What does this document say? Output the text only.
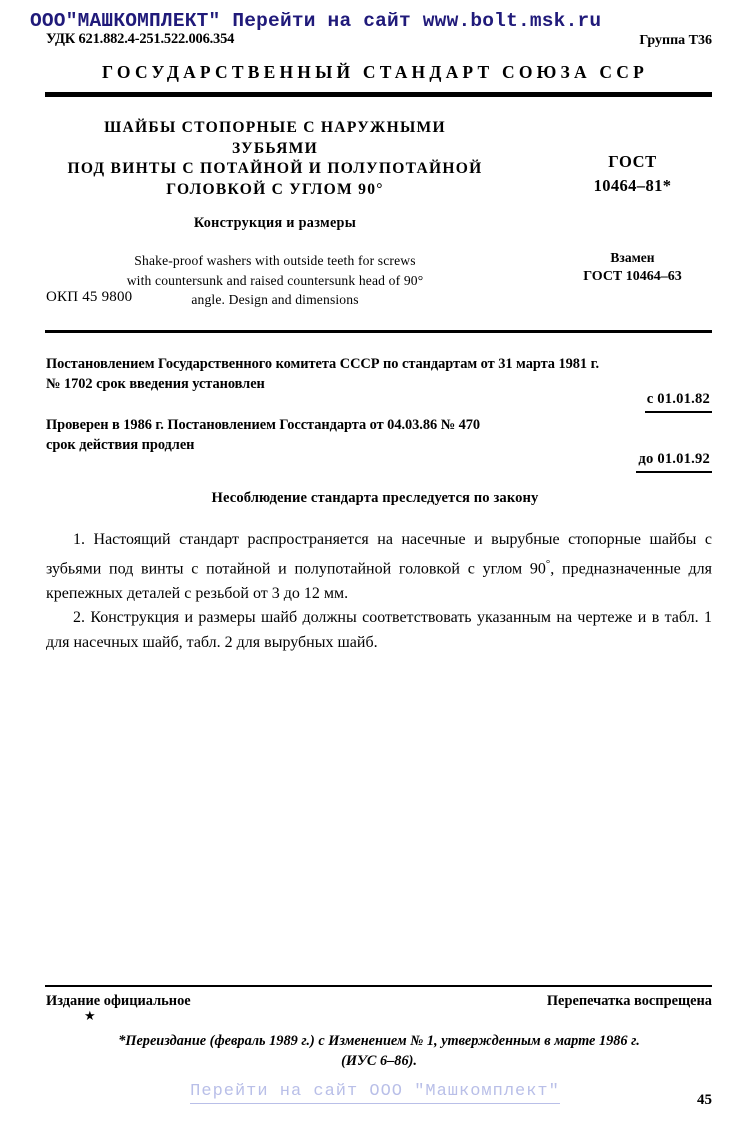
ООО"МАШКОМПЛЕКТ" Перейти на сайт www.bolt.msk.ru
УДК 621.882.4-251.522.006.354	Группа Т36
ГОСУДАРСТВЕННЫЙ СТАНДАРТ СОЮЗА ССР
ШАЙБЫ СТОПОРНЫЕ С НАРУЖНЫМИ ЗУБЬЯМИ
ПОД ВИНТЫ С ПОТАЙНОЙ И ПОЛУПОТАЙНОЙ
ГОЛОВКОЙ С УГЛОМ 90°
Конструкция и размеры
Shake-proof washers with outside teeth for screws
with countersunk and raised countersunk head of 90°
angle. Design and dimensions
ГОСТ
10464–81*
Взамен
ГОСТ 10464–63
ОКП 45 9800
Постановлением Государственного комитета СССР по стандартам от 31 марта 1981 г.
№ 1702 срок введения установлен
с 01.01.82
Проверен в 1986 г. Постановлением Госстандарта от 04.03.86 № 470
срок действия продлен
до 01.01.92
Несоблюдение стандарта преследуется по закону

1. Настоящий стандарт распространяется на насечные и вырубные стопорные шайбы с зубьями под винты с потайной и полупотайной головкой с углом 90°, предназначенные для крепежных деталей с резьбой от 3 до 12 мм.

2. Конструкция и размеры шайб должны соответствовать указанным на чертеже и в табл. 1 для насечных шайб, табл. 2 для вырубных шайб.

Издание официальное	Перепечатка воспрещена
★
*Переиздание (февраль 1989 г.) с Изменением № 1, утвержденным в марте 1986 г.
(ИУС 6–86).
Перейти на сайт ООО "Машкомплект"	45
